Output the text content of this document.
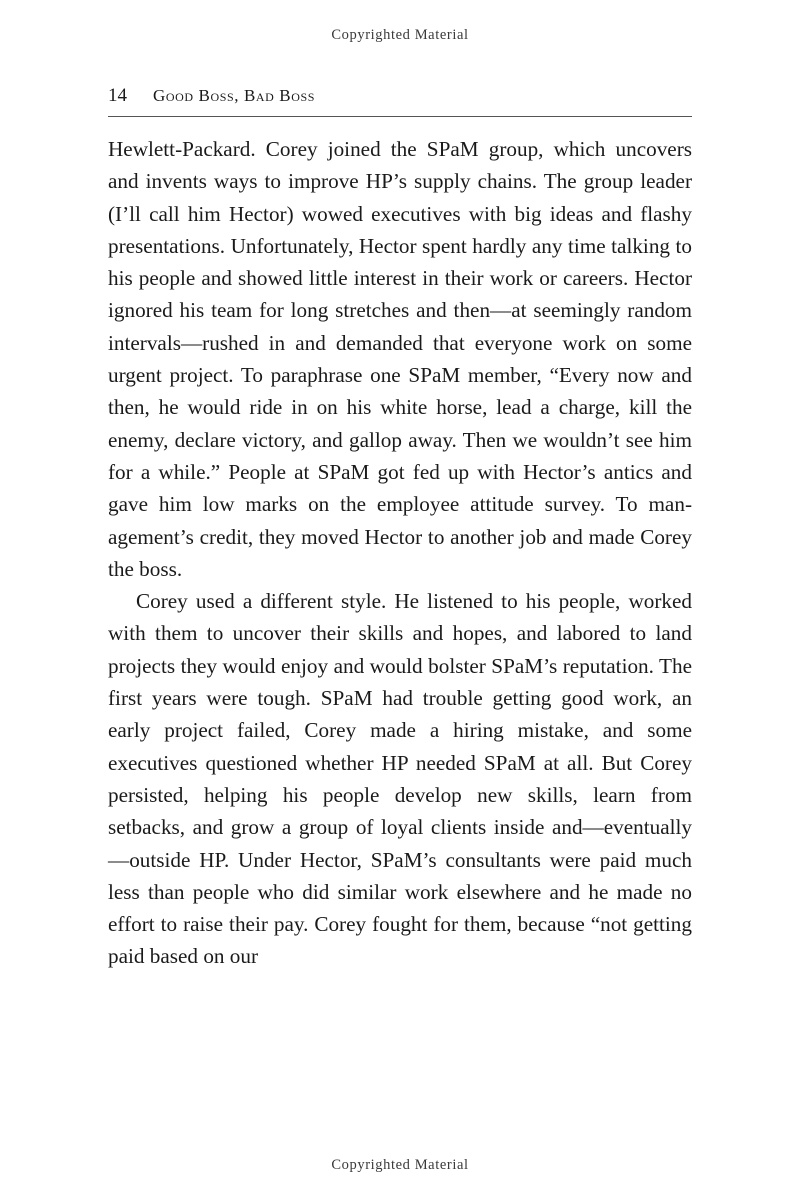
Copyrighted Material
14 Good Boss, Bad Boss

Hewlett-Packard. Corey joined the SPaM group, which uncovers and invents ways to improve HP’s supply chains. The group leader (I’ll call him Hector) wowed executives with big ideas and flashy presentations. Unfortunately, Hector spent hardly any time talking to his people and showed little interest in their work or careers. Hector ignored his team for long stretches and then—at seemingly random intervals—rushed in and demanded that everyone work on some urgent project. To paraphrase one SPaM member, “Every now and then, he would ride in on his white horse, lead a charge, kill the enemy, declare victory, and gallop away. Then we wouldn’t see him for a while.” People at SPaM got fed up with Hector’s antics and gave him low marks on the employee attitude survey. To management’s credit, they moved Hector to another job and made Corey the boss.

Corey used a different style. He listened to his people, worked with them to uncover their skills and hopes, and labored to land projects they would enjoy and would bolster SPaM’s reputation. The first years were tough. SPaM had trouble getting good work, an early project failed, Corey made a hiring mistake, and some executives questioned whether HP needed SPaM at all. But Corey persisted, helping his people develop new skills, learn from setbacks, and grow a group of loyal clients inside and—eventually—outside HP. Under Hector, SPaM’s consultants were paid much less than people who did similar work elsewhere and he made no effort to raise their pay. Corey fought for them, because “not getting paid based on our

Copyrighted Material
